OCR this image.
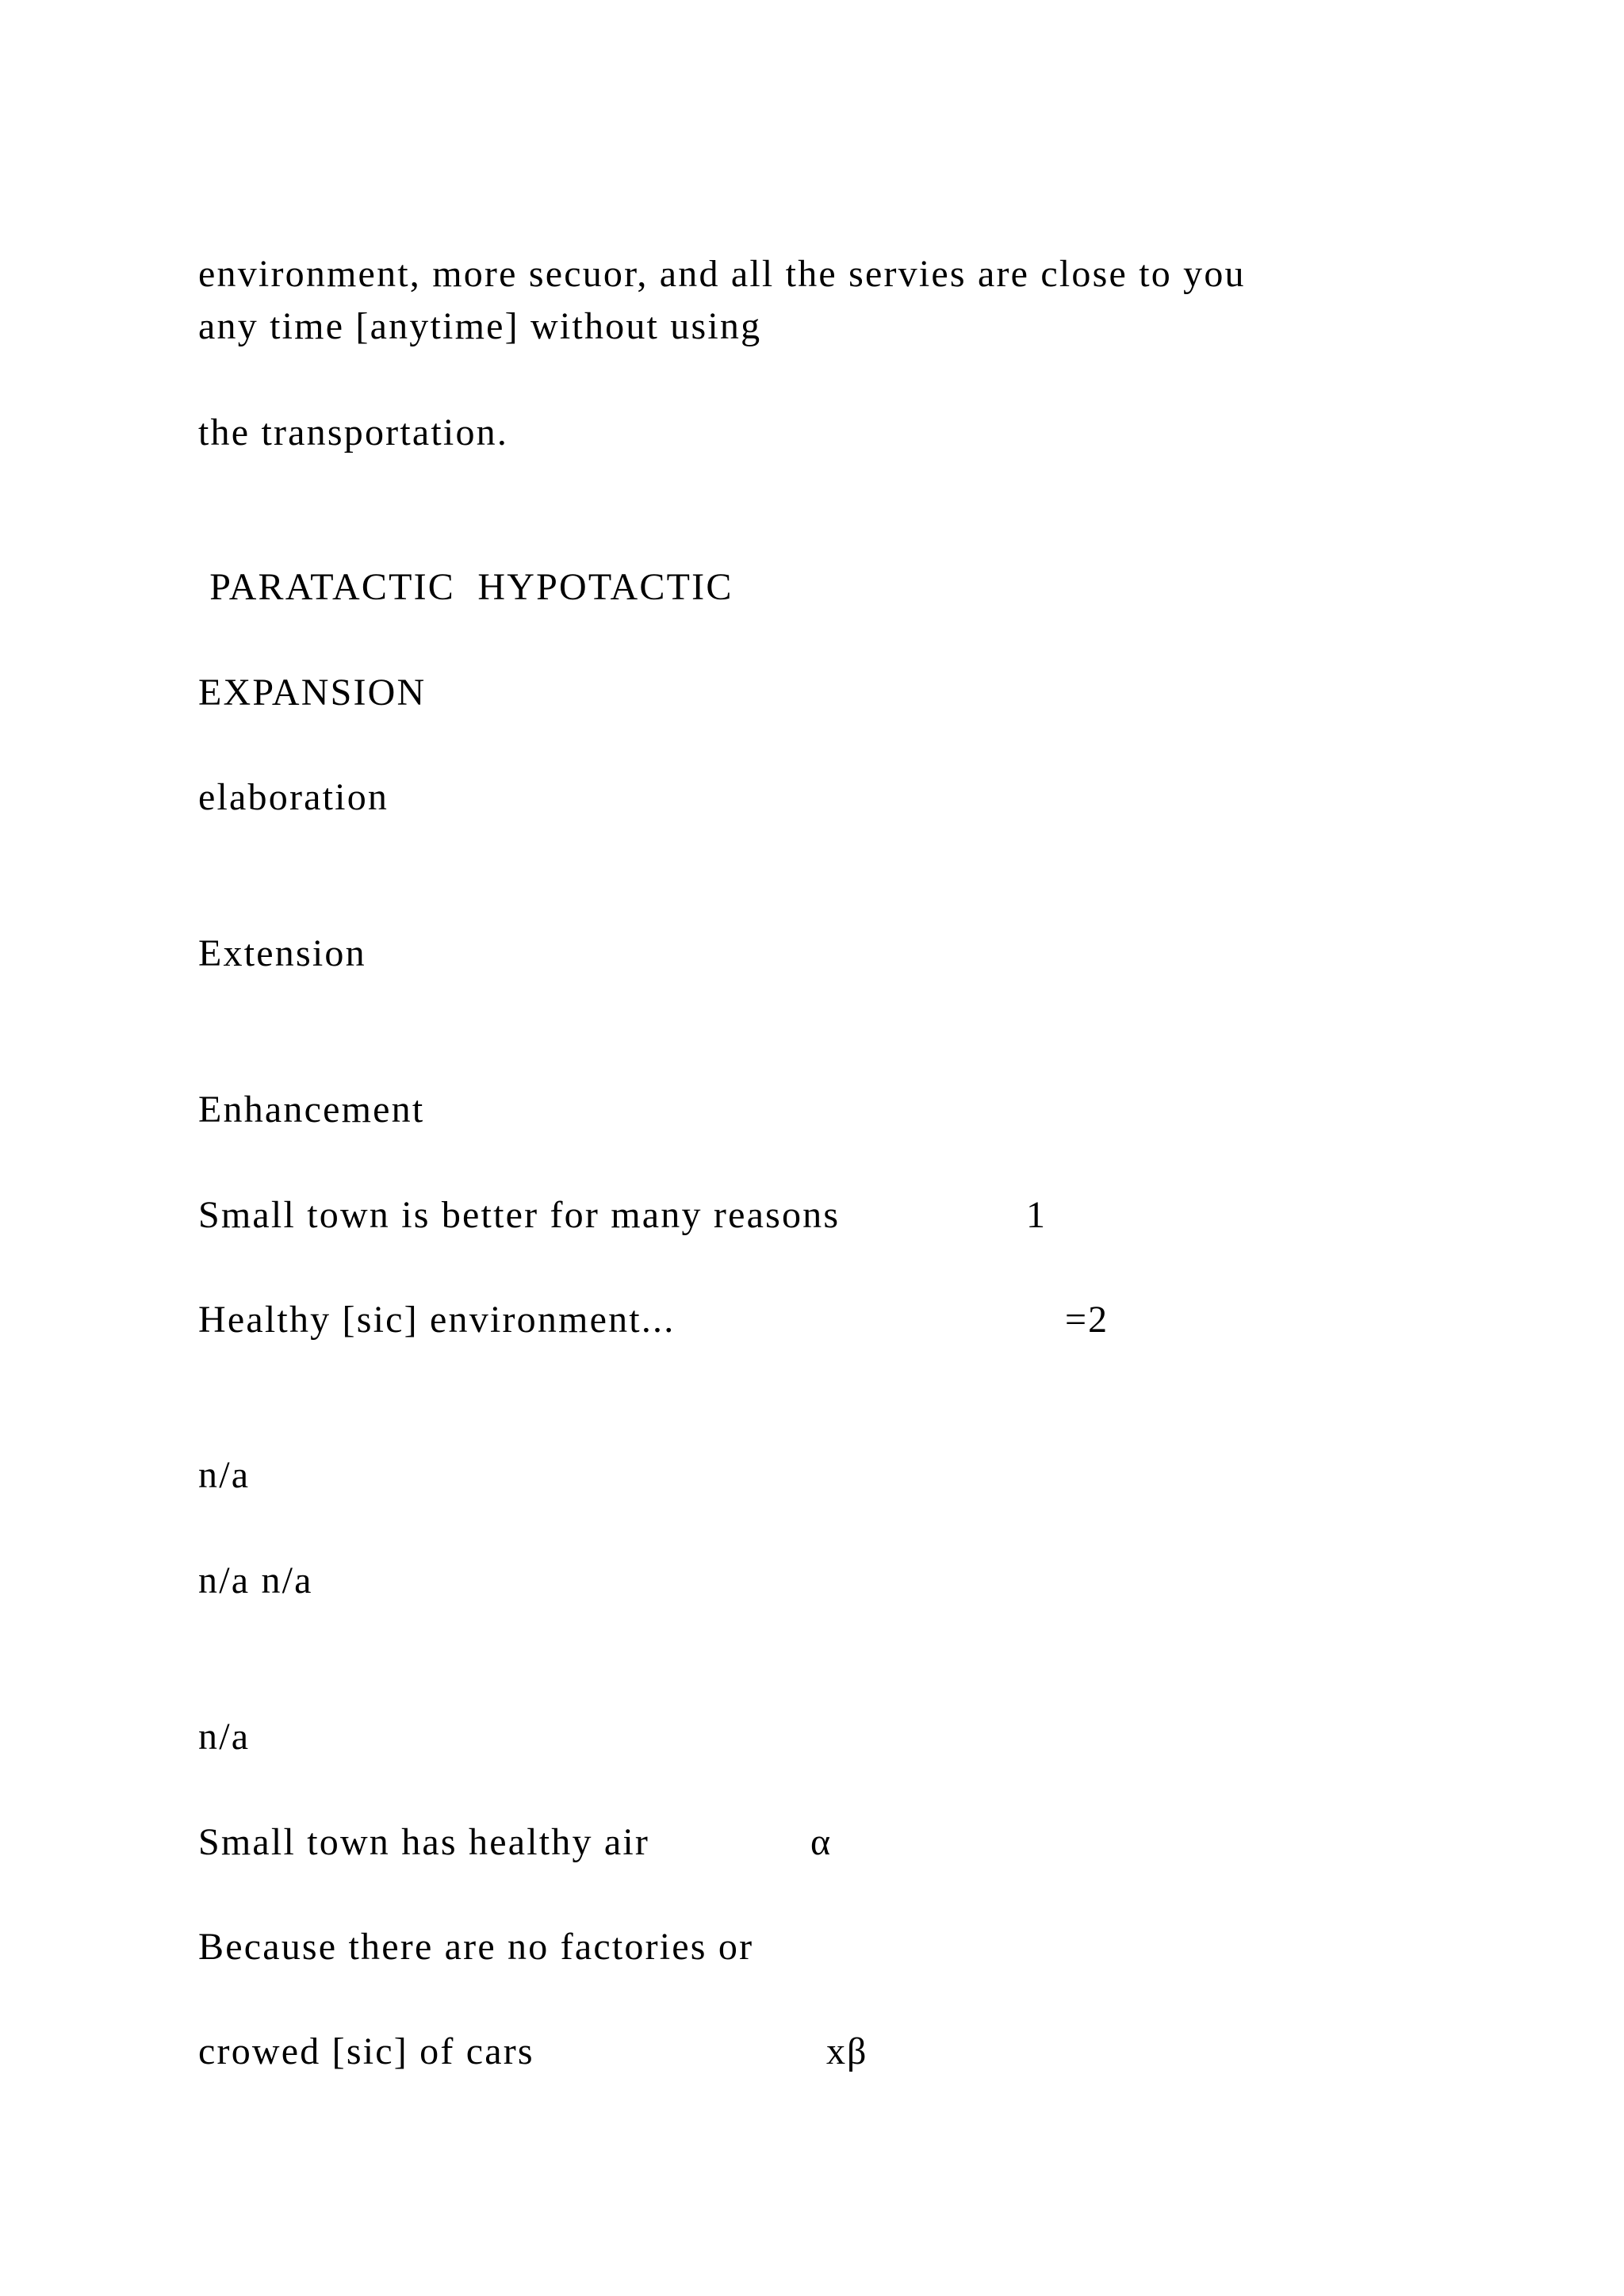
environment, more secuor, and all the servies are close to you
any time [anytime] without using
the transportation.
PARATACTIC  HYPOTACTIC
EXPANSION
elaboration
Extension
Enhancement
Small town is better for many reasons	1
Healthy [sic] environment...	=2
n/a
n/a n/a
n/a
Small town has healthy air	α
Because there are no factories or
crowed [sic] of cars	xβ
